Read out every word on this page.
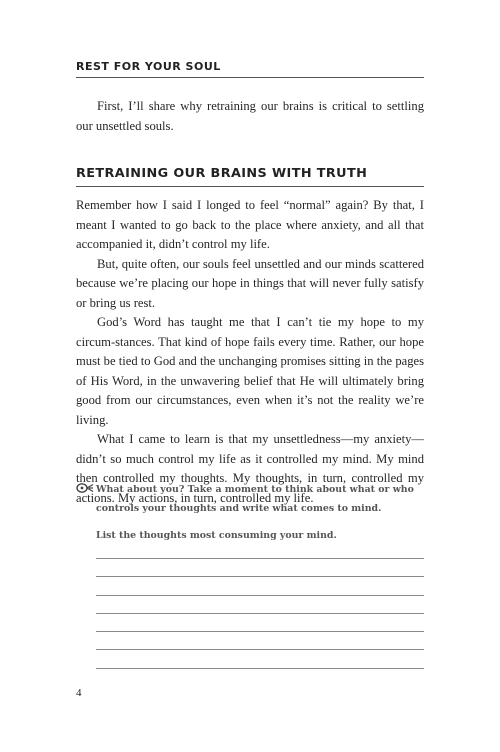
REST FOR YOUR SOUL

First, I’ll share why retraining our brains is critical to settling our unsettled souls.

RETRAINING OUR BRAINS WITH TRUTH

Remember how I said I longed to feel “normal” again? By that, I meant I wanted to go back to the place where anxiety, and all that accompanied it, didn’t control my life.

But, quite often, our souls feel unsettled and our minds scattered because we’re placing our hope in things that will never fully satisfy or bring us rest.

God’s Word has taught me that I can’t tie my hope to my circum-stances. That kind of hope fails every time. Rather, our hope must be tied to God and the unchanging promises sitting in the pages of His Word, in the unwavering belief that He will ultimately bring good from our circumstances, even when it’s not the reality we’re living.

What I came to learn is that my unsettledness—my anxiety—didn’t so much control my life as it controlled my mind. My mind then controlled my thoughts. My thoughts, in turn, controlled my actions. My actions, in turn, controlled my life.

What about you? Take a moment to think about what or who controls your thoughts and write what comes to mind.

List the thoughts most consuming your mind.

4
